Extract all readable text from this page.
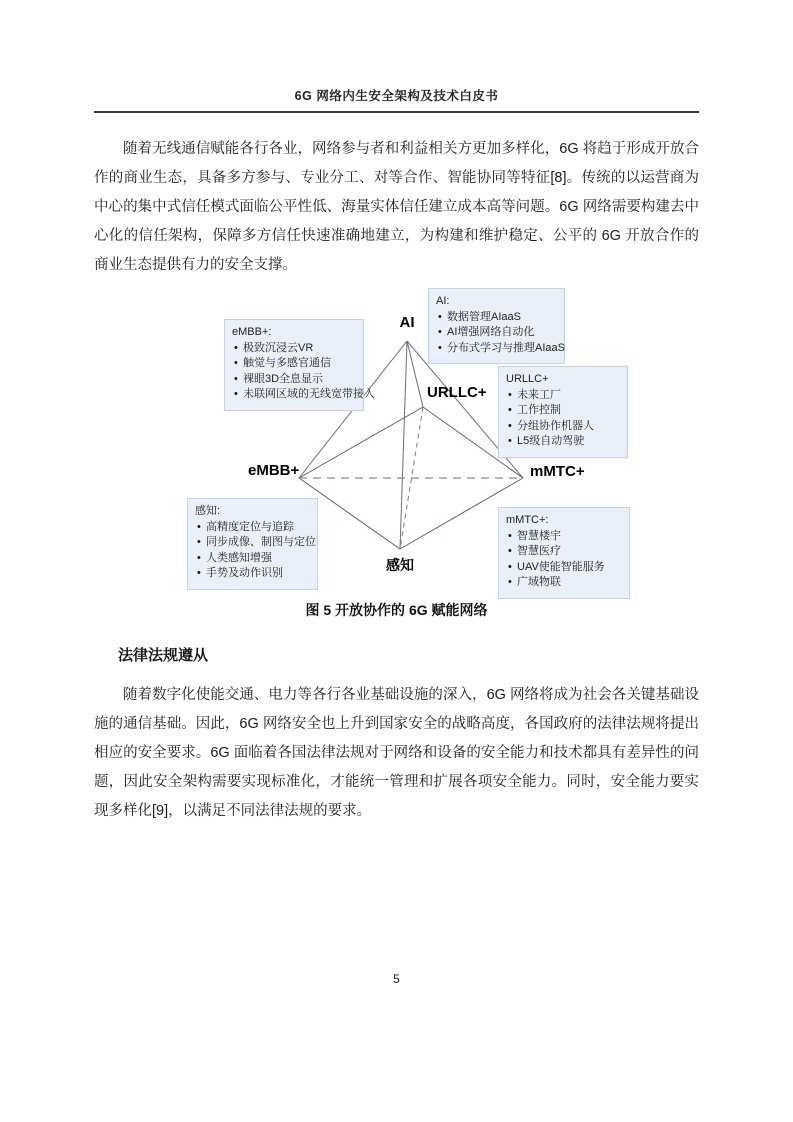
6G 网络内生安全架构及技术白皮书

随着无线通信赋能各行各业，网络参与者和利益相关方更加多样化，6G 将趋于形成开放合作的商业生态，具备多方参与、专业分工、对等合作、智能协同等特征[8]。传统的以运营商为中心的集中式信任模式面临公平性低、海量实体信任建立成本高等问题。6G 网络需要构建去中心化的信任架构，保障多方信任快速准确地建立，为构建和维护稳定、公平的 6G 开放合作的商业生态提供有力的安全支撑。

AI
URLLC+
eMBB+	mMTC+
感知
eMBB+:
• 极致沉浸云VR
• 触觉与多感官通信
• 裸眼3D全息显示
• 未联网区域的无线宽带接入
AI:
• 数据管理AIaaS
• AI增强网络自动化
• 分布式学习与推理AIaaS
URLLC+
• 未来工厂
• 工作控制
• 分组协作机器人
• L5级自动驾驶
感知:
• 高精度定位与追踪
• 同步成像、制图与定位
• 人类感知增强
• 手势及动作识别
mMTC+:
• 智慧楼宇
• 智慧医疗
• UAV使能智能服务
• 广域物联
图 5 开放协作的 6G 赋能网络
法律法规遵从

随着数字化使能交通、电力等各行各业基础设施的深入，6G 网络将成为社会各关键基础设施的通信基础。因此，6G 网络安全也上升到国家安全的战略高度，各国政府的法律法规将提出相应的安全要求。6G 面临着各国法律法规对于网络和设备的安全能力和技术都具有差异性的问题，因此安全架构需要实现标准化，才能统一管理和扩展各项安全能力。同时，安全能力要实现多样化[9]，以满足不同法律法规的要求。

5
